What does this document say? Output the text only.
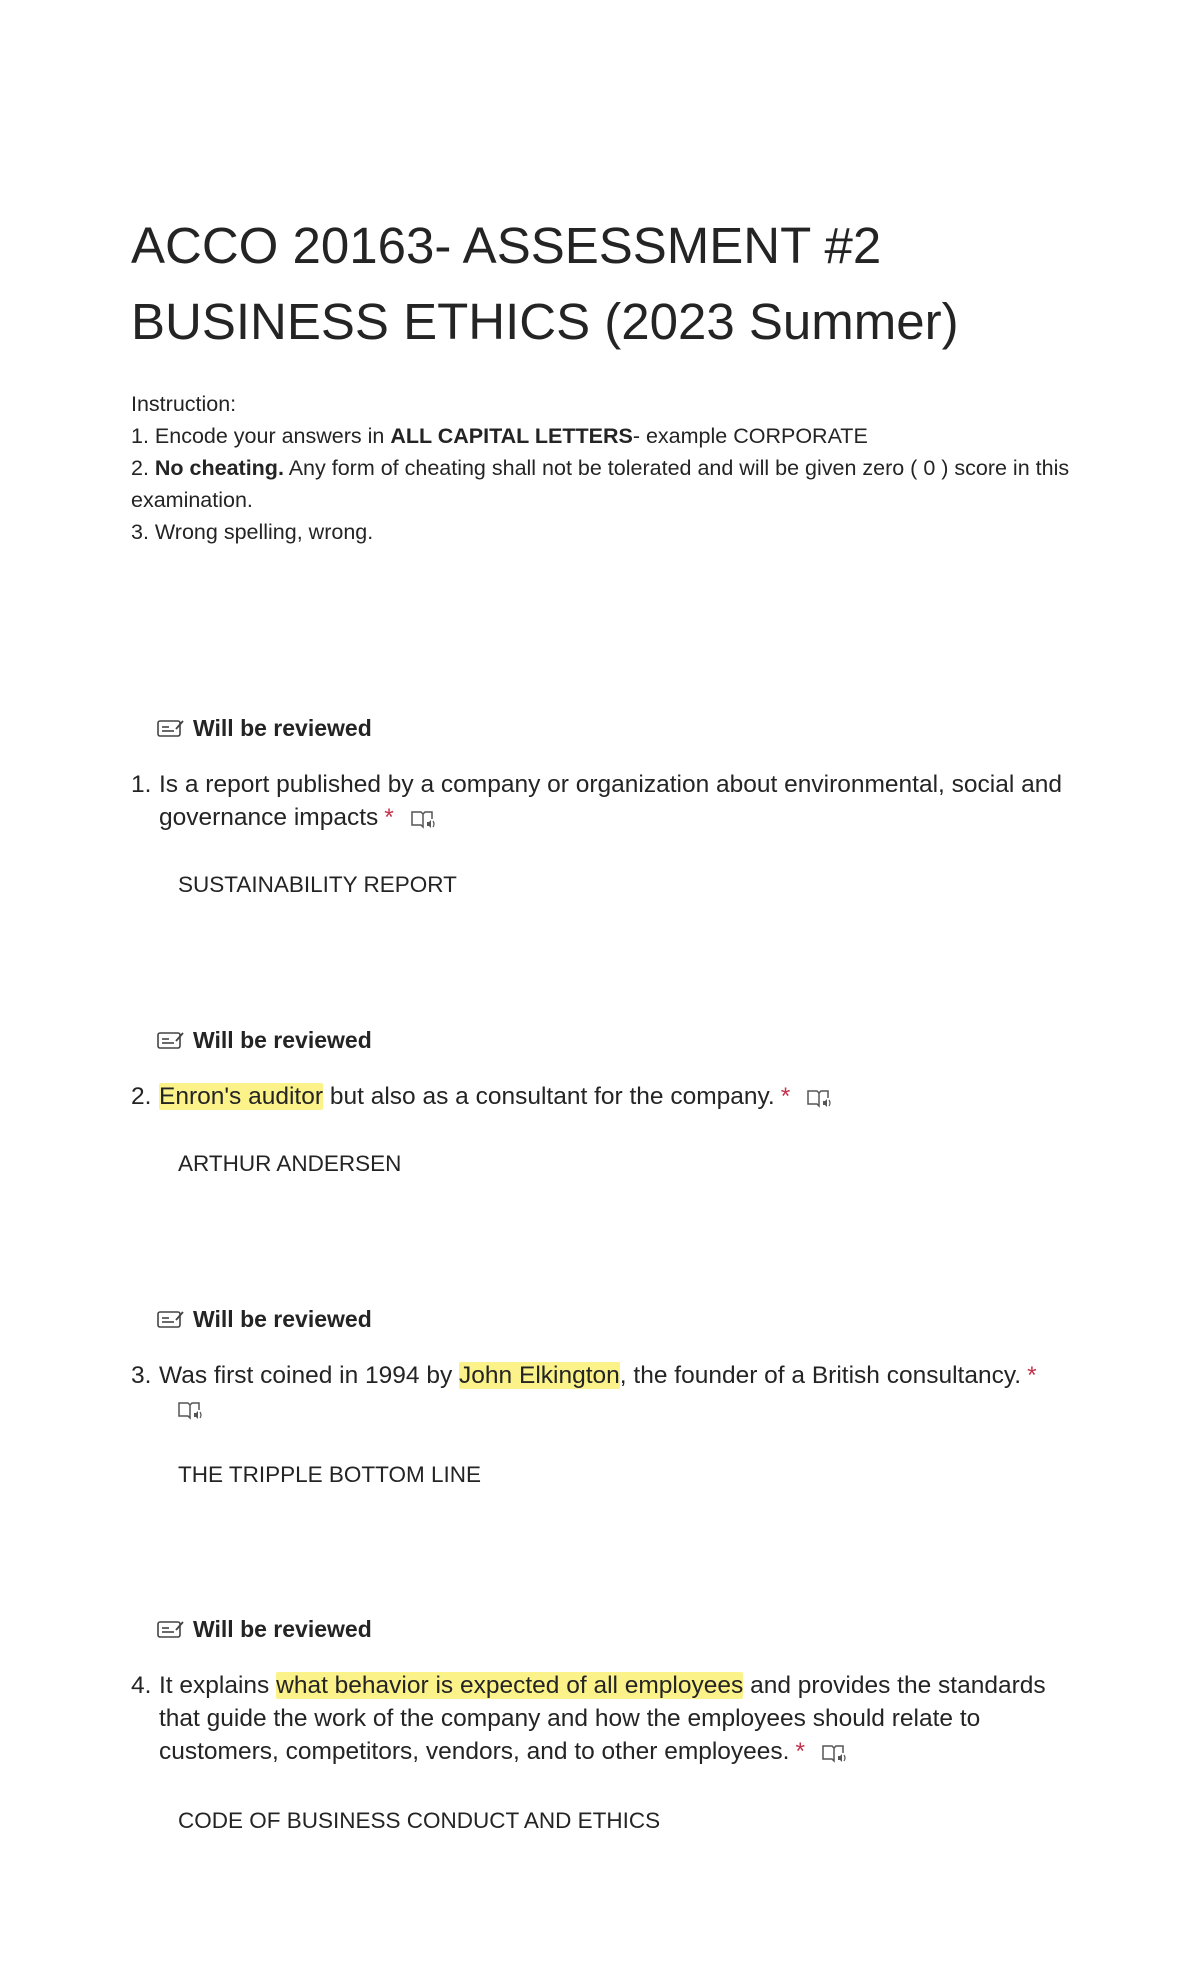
ACCO 20163- ASSESSMENT #2 BUSINESS ETHICS (2023 Summer)
Instruction:
1. Encode your answers in ALL CAPITAL LETTERS- example CORPORATE
2. No cheating. Any form of cheating shall not be tolerated and will be given zero ( 0 ) score in this examination.
3. Wrong spelling, wrong.
Will be reviewed
1. Is a report published by a company or organization about environmental, social and governance impacts *
SUSTAINABILITY REPORT
Will be reviewed
2. Enron's auditor but also as a consultant for the company. *
ARTHUR ANDERSEN
Will be reviewed
3. Was first coined in 1994 by John Elkington, the founder of a British consultancy. *

THE TRIPPLE BOTTOM LINE
Will be reviewed
4. It explains what behavior is expected of all employees and provides the standards that guide the work of the company and how the employees should relate to customers, competitors, vendors, and to other employees. *
CODE OF BUSINESS CONDUCT AND ETHICS
